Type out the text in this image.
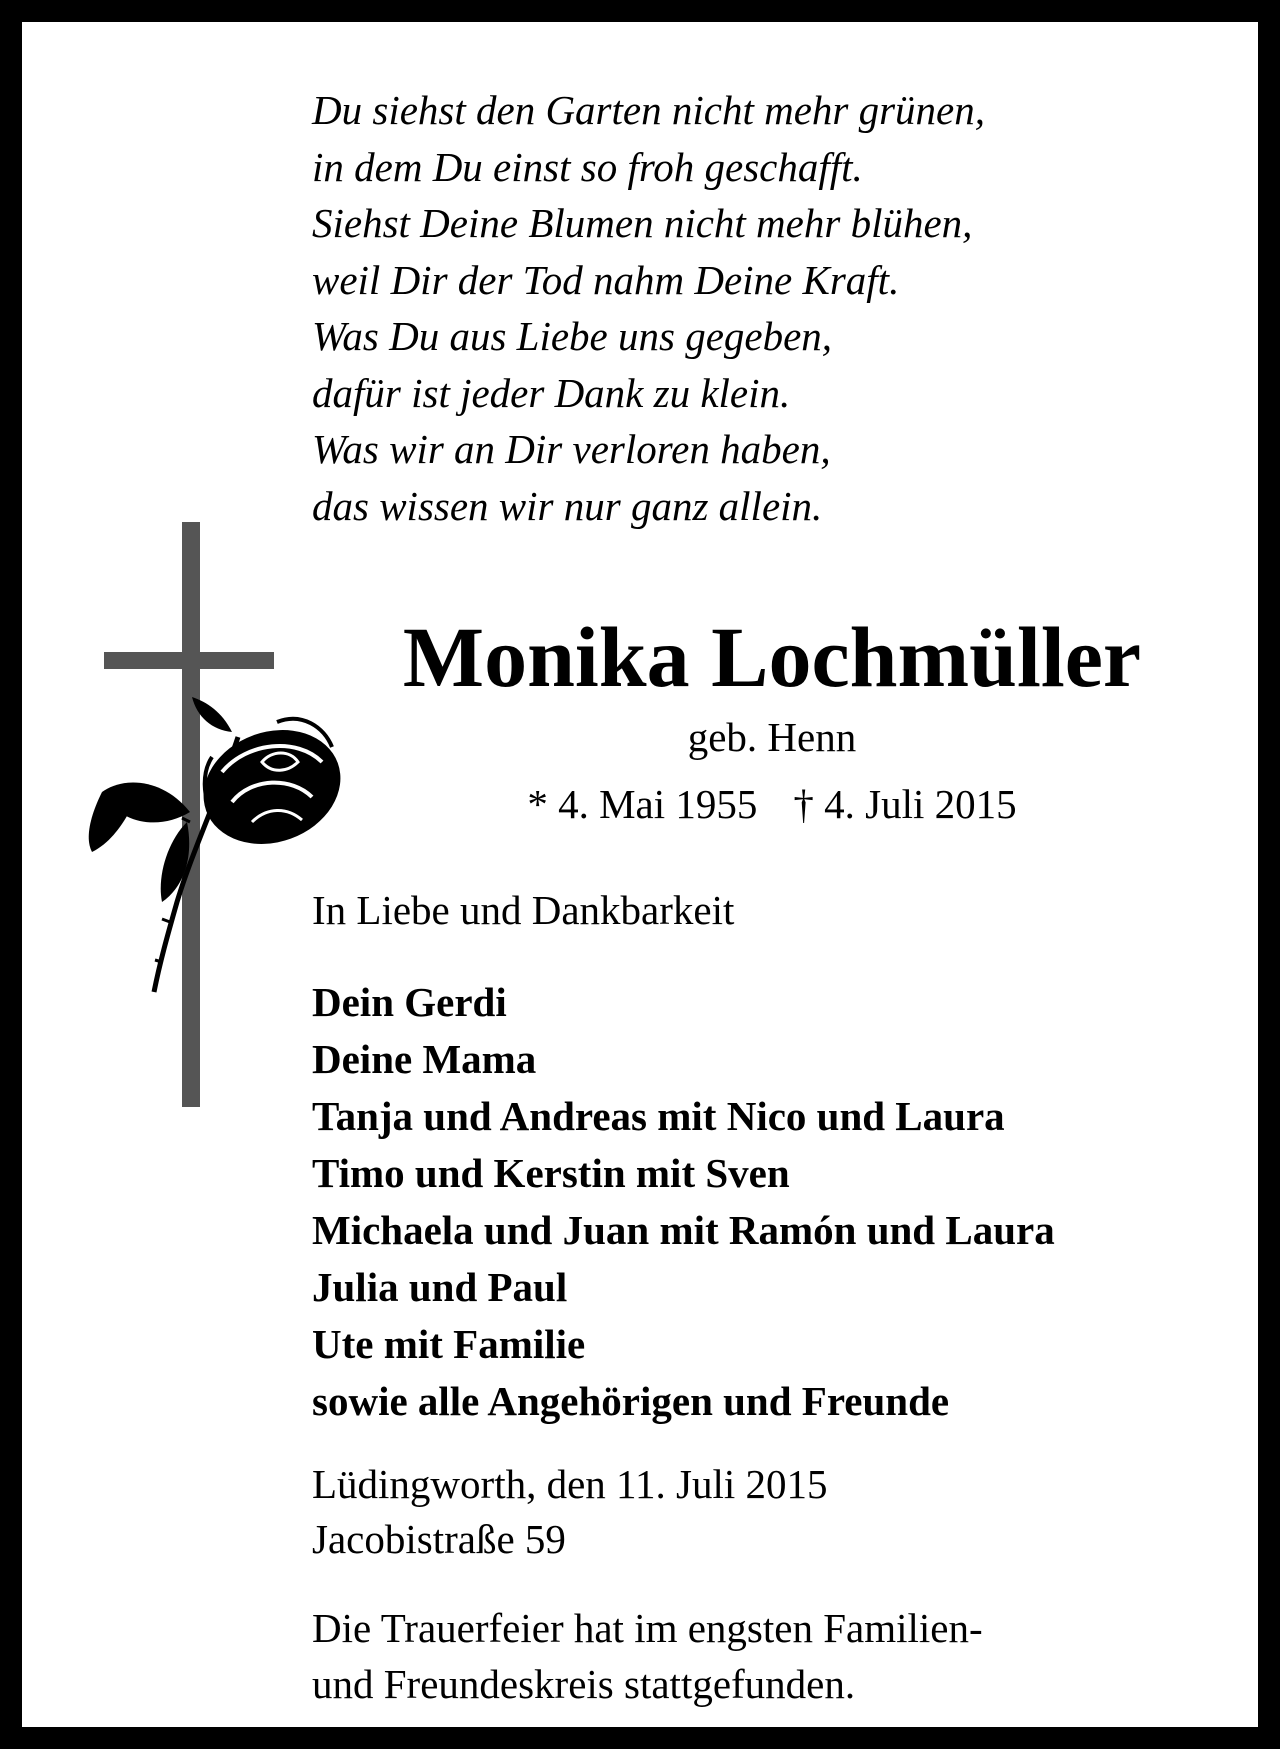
Du siehst den Garten nicht mehr grünen,
in dem Du einst so froh geschafft.
Siehst Deine Blumen nicht mehr blühen,
weil Dir der Tod nahm Deine Kraft.
Was Du aus Liebe uns gegeben,
dafür ist jeder Dank zu klein.
Was wir an Dir verloren haben,
das wissen wir nur ganz allein.
Monika Lochmüller
geb. Henn
* 4. Mai 1955 † 4. Juli 2015
In Liebe und Dankbarkeit
Dein Gerdi
Deine Mama
Tanja und Andreas mit Nico und Laura
Timo und Kerstin mit Sven
Michaela und Juan mit Ramón und Laura
Julia und Paul
Ute mit Familie
sowie alle Angehörigen und Freunde
Lüdingworth, den 11. Juli 2015
Jacobistraße 59
Die Trauerfeier hat im engsten Familien-
und Freundeskreis stattgefunden.
